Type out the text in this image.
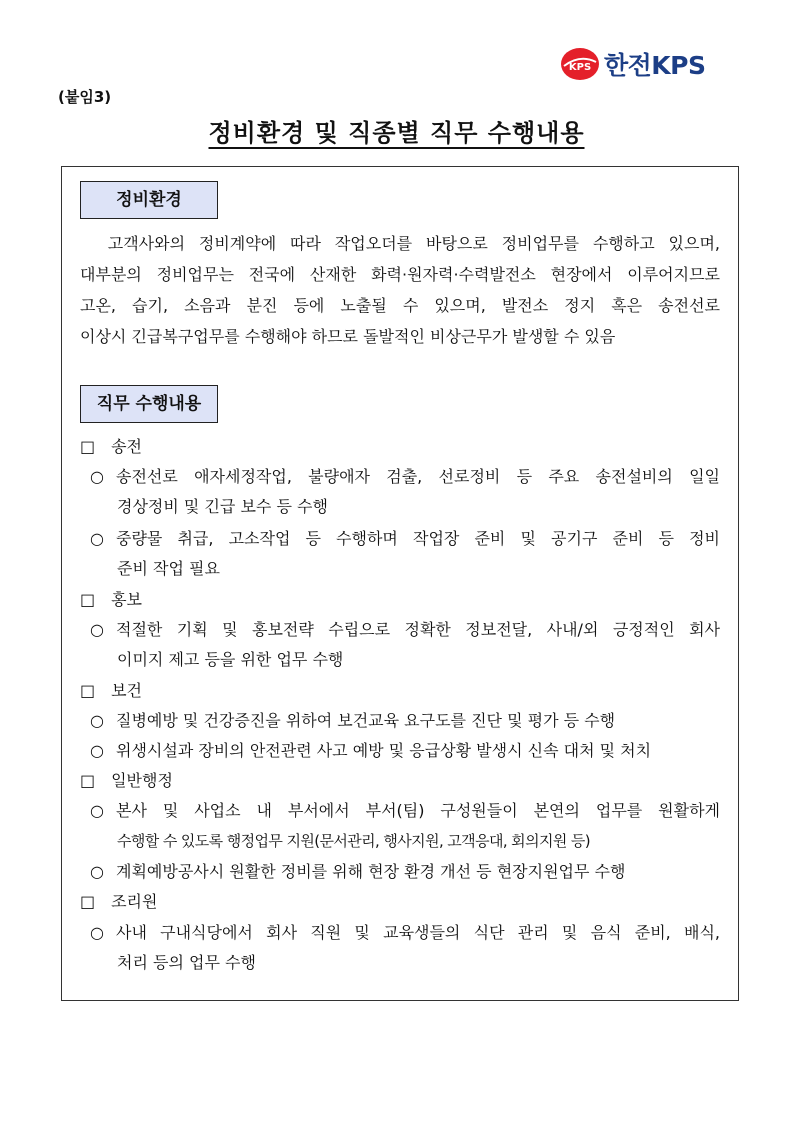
KPS 한전KPS
(붙임3)
정비환경 및 직종별 직무 수행내용
정비환경
고객사와의 정비계약에 따라 작업오더를 바탕으로 정비업무를 수행하고 있으며,
대부분의 정비업무는 전국에 산재한 화력·원자력·수력발전소 현장에서 이루어지므로
고온, 습기, 소음과 분진 등에 노출될 수 있으며, 발전소 정지 혹은 송전선로
이상시 긴급복구업무를 수행해야 하므로 돌발적인 비상근무가 발생할 수 있음
직무 수행내용
□ 송전
○ 송전선로 애자세정작업, 불량애자 검출, 선로정비 등 주요 송전설비의 일일
경상정비 및 긴급 보수 등 수행
○ 중량물 취급, 고소작업 등 수행하며 작업장 준비 및 공기구 준비 등 정비
준비 작업 필요
□ 홍보
○ 적절한 기획 및 홍보전략 수립으로 정확한 정보전달, 사내/외 긍정적인 회사
이미지 제고 등을 위한 업무 수행
□ 보건
○ 질병예방 및 건강증진을 위하여 보건교육 요구도를 진단 및 평가 등 수행
○ 위생시설과 장비의 안전관련 사고 예방 및 응급상황 발생시 신속 대처 및 처치
□ 일반행정
○ 본사 및 사업소 내 부서에서 부서(팀) 구성원들이 본연의 업무를 원활하게
수행할 수 있도록 행정업무 지원(문서관리, 행사지원, 고객응대, 회의지원 등)
○ 계획예방공사시 원활한 정비를 위해 현장 환경 개선 등 현장지원업무 수행
□ 조리원
○ 사내 구내식당에서 회사 직원 및 교육생들의 식단 관리 및 음식 준비, 배식,
처리 등의 업무 수행
